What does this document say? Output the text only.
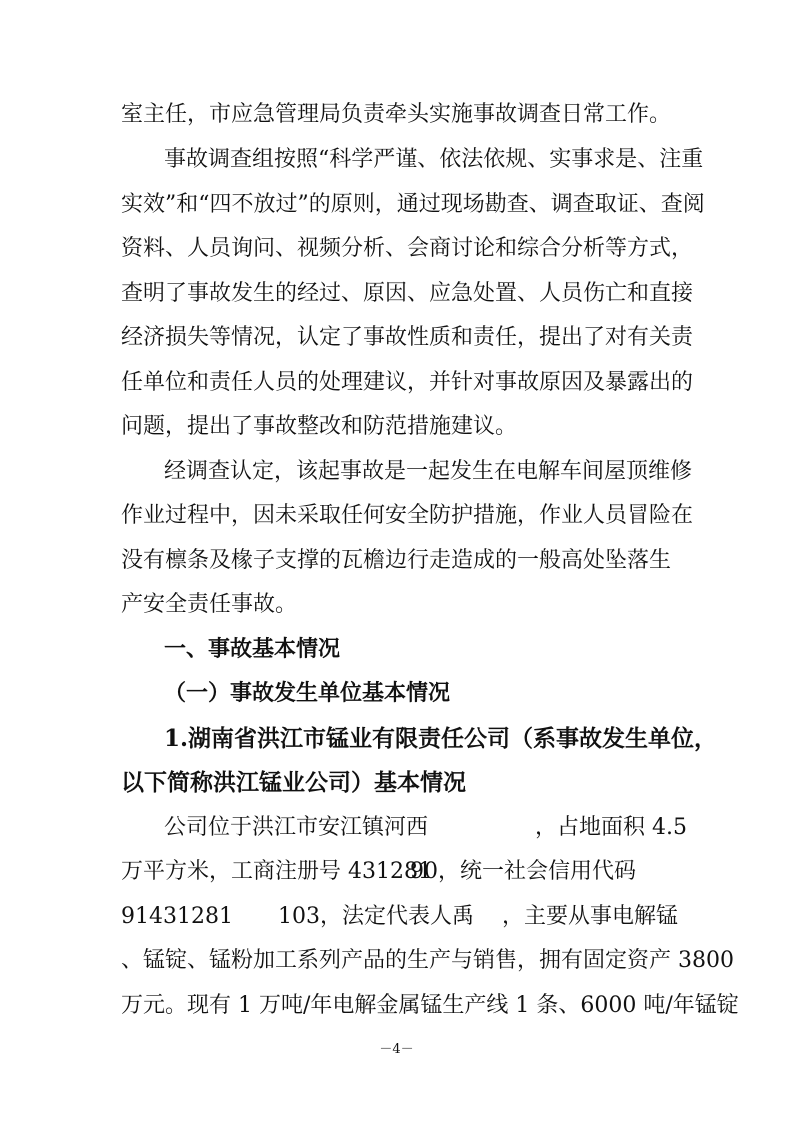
室主任，市应急管理局负责牵头实施事故调查日常工作。
事故调查组按照“科学严谨、依法依规、实事求是、注重
实效”和“四不放过”的原则，通过现场勘查、调查取证、查阅
资料、人员询问、视频分析、会商讨论和综合分析等方式，
查明了事故发生的经过、原因、应急处置、人员伤亡和直接
经济损失等情况，认定了事故性质和责任，提出了对有关责
任单位和责任人员的处理建议，并针对事故原因及暴露出的
问题，提出了事故整改和防范措施建议。
经调查认定，该起事故是一起发生在电解车间屋顶维修
作业过程中，因未采取任何安全防护措施，作业人员冒险在
没有檩条及椽子支撑的瓦檐边行走造成的一般高处坠落生
产安全责任事故。
一、事故基本情况
（一）事故发生单位基本情况
1.湖南省洪江市锰业有限责任公司（系事故发生单位，
以下简称洪江锰业公司）基本情况
公司位于洪江市安江镇河西	，占地面积 4.5
万平方米，工商注册号 431281
90，统一社会信用代码
91431281 103，法定代表人禹 ，主要从事电解锰
、锰锭、锰粉加工系列产品的生产与销售，拥有固定资产 3800
万元。现有 1 万吨/年电解金属锰生产线 1 条、6000 吨/年锰锭
－4－
